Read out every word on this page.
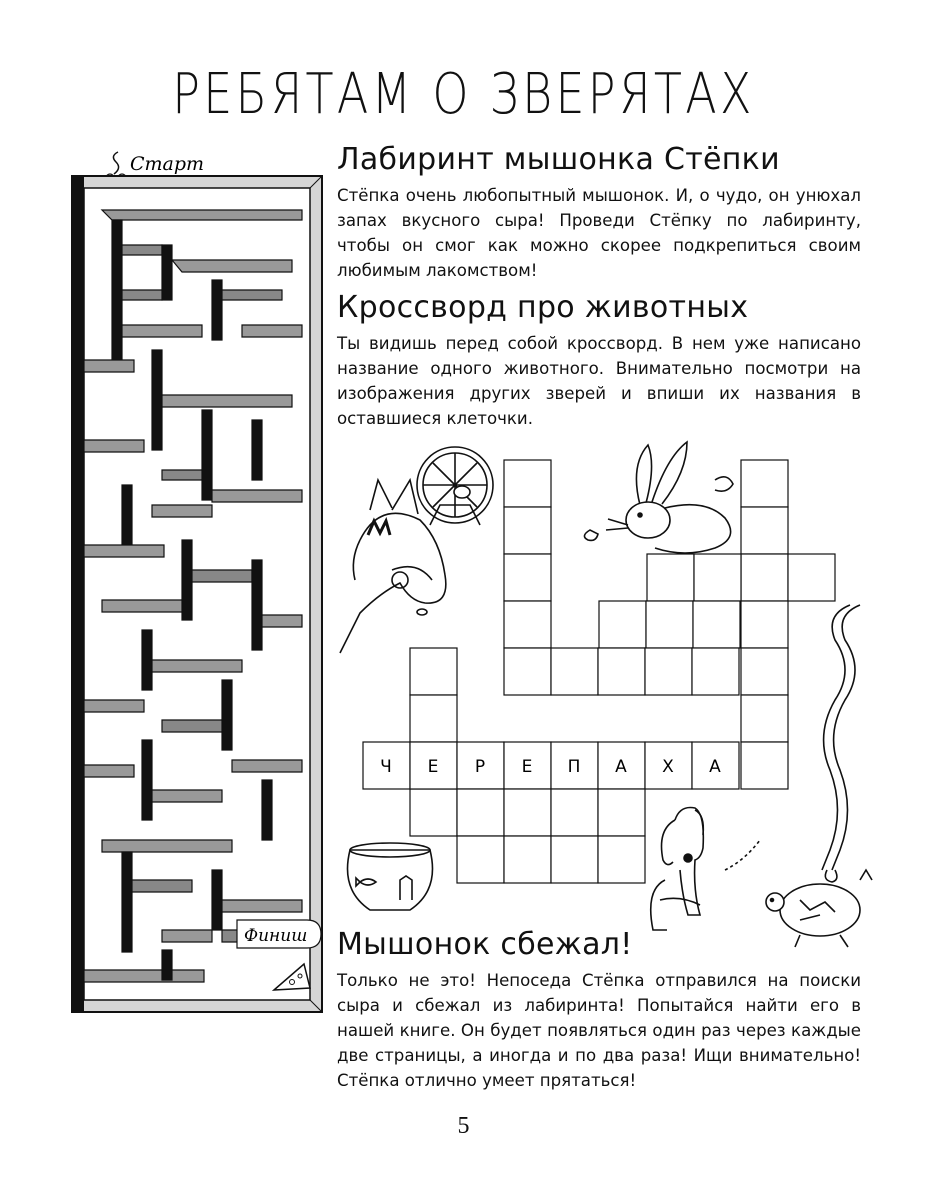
РЕБЯТАМ О ЗВЕРЯТАХ
Старт
Финиш
Лабиринт мышонка Стёпки
Стёпка очень любопытный мышонок. И, о чудо, он унюхал запах вкусного сыра! Проведи Стёпку по лабиринту, чтобы он смог как можно скорее подкрепиться своим любимым лакомством!
Кроссворд про животных
Ты видишь перед собой кроссворд. В нем уже написано название одного животного. Внимательно посмотри на изображения других зверей и впиши их названия в оставшиеся клеточки.
Ч Е Р Е П А Х А
Мышонок сбежал!
Только не это! Непоседа Стёпка отправился на поиски сыра и сбежал из лабиринта! Попытайся найти его в нашей книге. Он будет появляться один раз через каждые две страницы, а иногда и по два раза! Ищи внимательно! Стёпка отлично умеет прятаться!
5
